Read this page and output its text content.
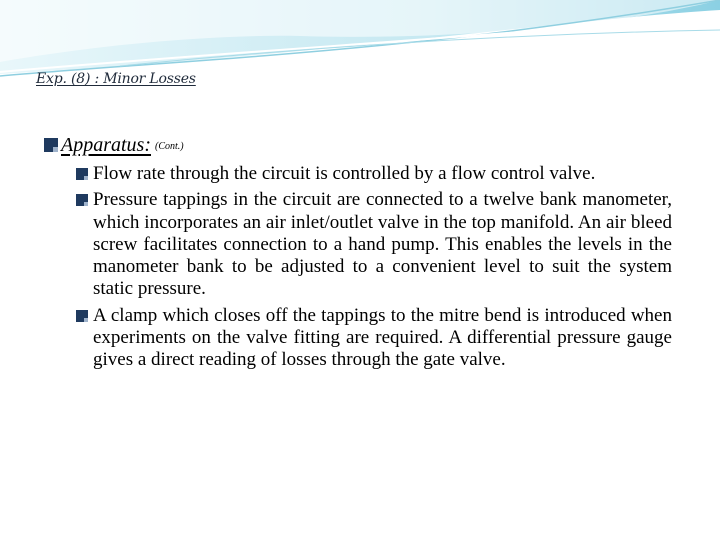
Exp. (8) : Minor Losses
Apparatus: (Cont.)

Flow rate through the circuit is controlled by a flow control valve.

Pressure tappings in the circuit are connected to a twelve bank manometer, which incorporates an air inlet/outlet valve in the top manifold. An air bleed screw facilitates connection to a hand pump. This enables the levels in the manometer bank to be adjusted to a convenient level to suit the system static pressure.

A clamp which closes off the tappings to the mitre bend is introduced when experiments on the valve fitting are required. A differential pressure gauge gives a direct reading of losses through the gate valve.
